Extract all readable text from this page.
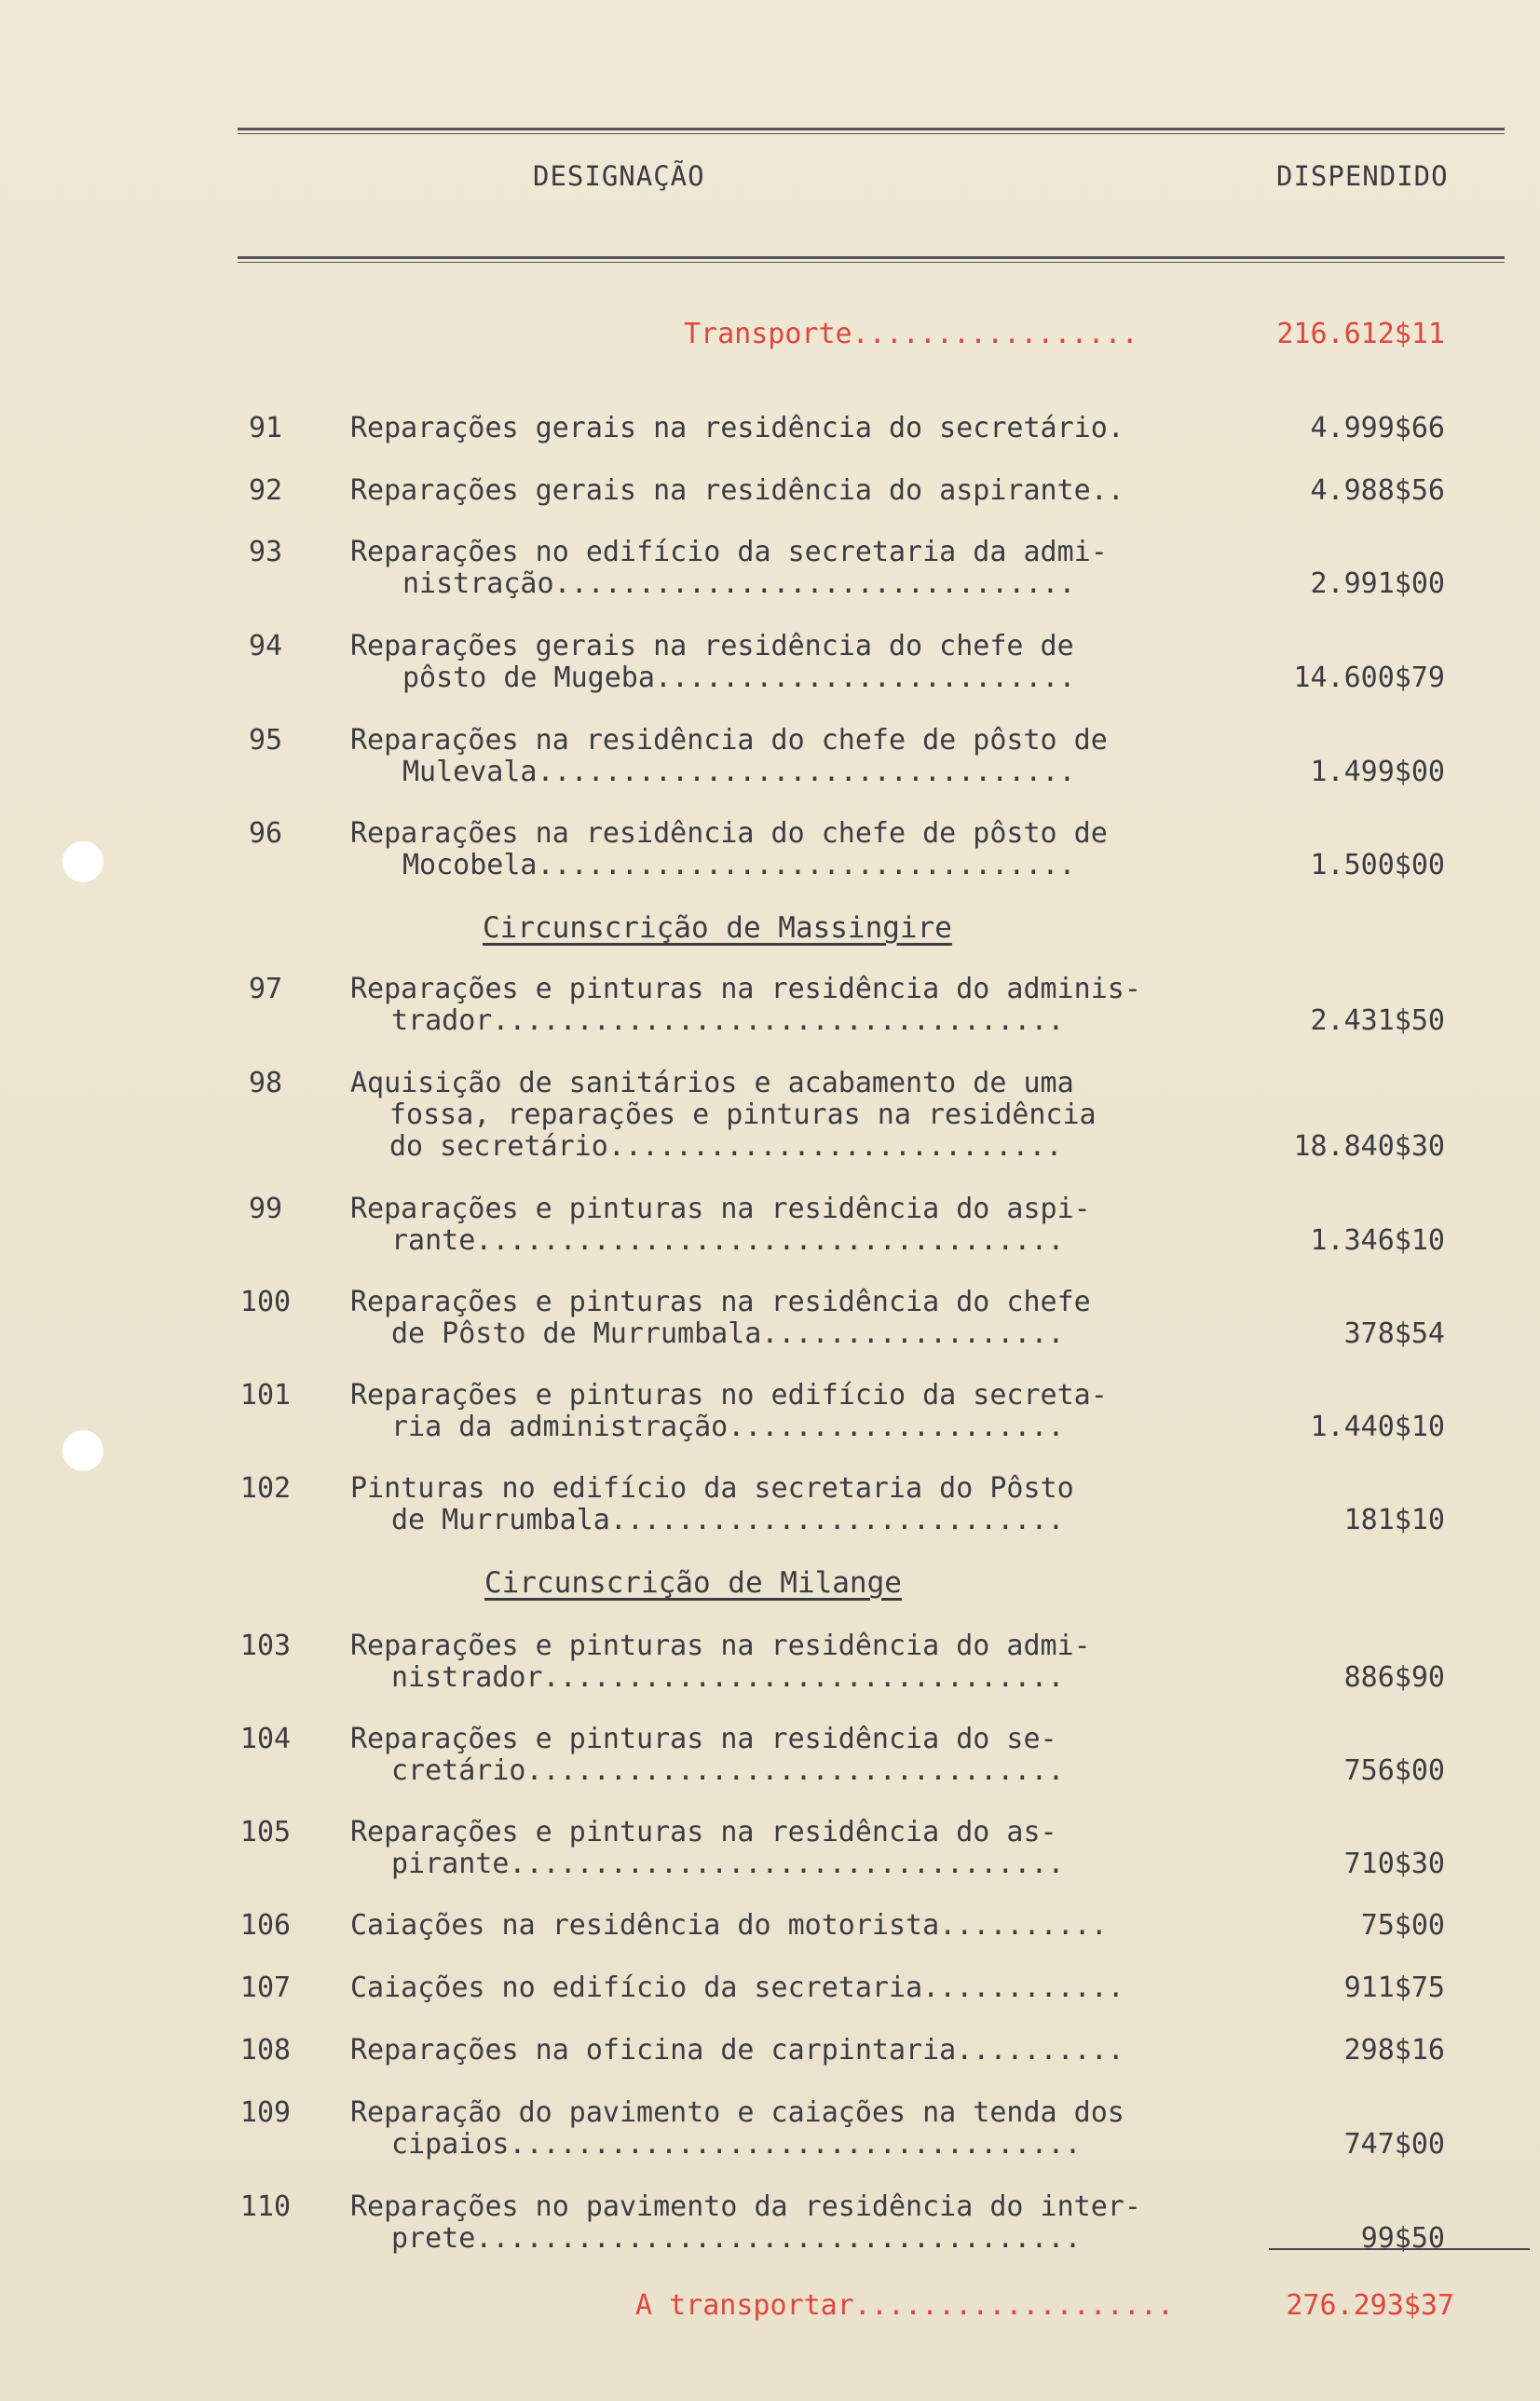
DESIGNAÇÃO	DISPENDIDO
Transporte.................	216.612$11
91	Reparações gerais na residência do secretário.	4.999$66
92	Reparações gerais na residência do aspirante..	4.988$56
93	Reparações no edifício da secretaria da admi-
nistração...............................	2.991$00
94	Reparações gerais na residência do chefe de
pôsto de Mugeba.........................	14.600$79
95	Reparações na residência do chefe de pôsto de
Mulevala................................	1.499$00
96	Reparações na residência do chefe de pôsto de
Mocobela................................	1.500$00
Circunscrição de Massingire
97	Reparações e pinturas na residência do adminis-
trador..................................	2.431$50
98	Aquisição de sanitários e acabamento de uma
fossa, reparações e pinturas na residência
do secretário...........................	18.840$30
99	Reparações e pinturas na residência do aspi-
rante...................................	1.346$10
100 Reparações e pinturas na residência do chefe
de Pôsto de Murrumbala..................	378$54
101 Reparações e pinturas no edifício da secreta-
ria da administração....................	1.440$10
102 Pinturas no edifício da secretaria do Pôsto
de Murrumbala...........................	181$10
Circunscrição de Milange
103 Reparações e pinturas na residência do admi-
nistrador...............................	886$90
104 Reparações e pinturas na residência do se-
cretário................................	756$00
105 Reparações e pinturas na residência do as-
pirante.................................	710$30
106 Caiações na residência do motorista..........	75$00
107 Caiações no edifício da secretaria............	911$75
108 Reparações na oficina de carpintaria..........	298$16
109 Reparação do pavimento e caiações na tenda dos
cipaios..................................	747$00
110 Reparações no pavimento da residência do inter-
prete....................................	99$50
A transportar...................	276.293$37
